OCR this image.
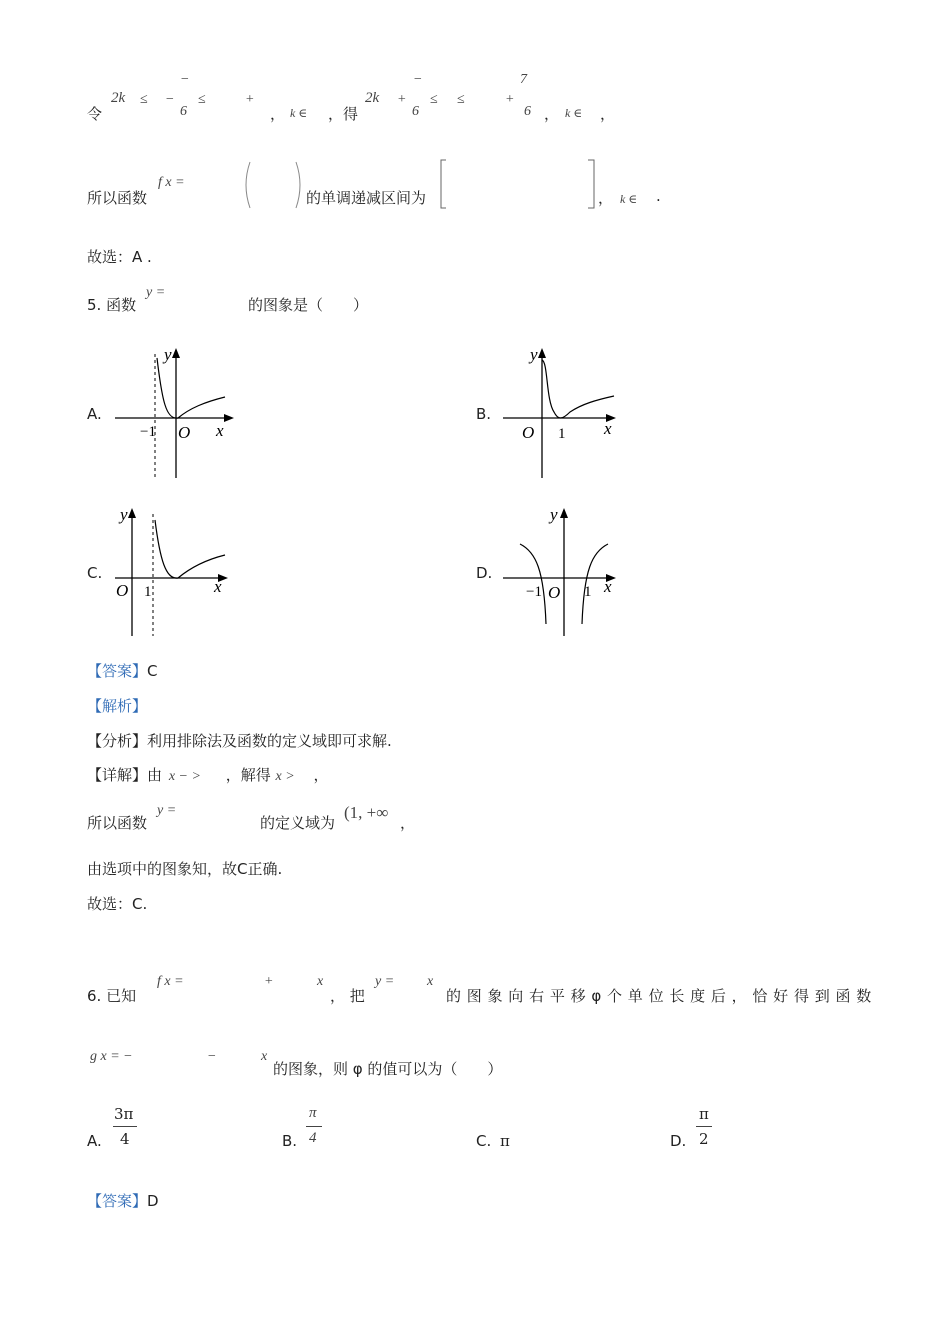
令
2k ≤ −
−
6
≤	+
， k ∈ ，得
2k +
−
6
≤ ≤	+
7
6 ， k ∈ ，
所以函数
f x =
的单调递减区间为	， k ∈ .
故选：A .
5. 函数
y =
的图象是（　　）
A.
−1 O x
y
B.
O 1 x
y
C.
O 1	x
y
D.
−1 O 1 x
y
【答案】C
【解析】
【分析】利用排除法及函数的定义域即可求解.
【详解】由 x − > ，解得 x > ，
所以函数
y =
的定义域为
(1, +∞
，
由选项中的图象知，故C正确.
故选：C.
6. 已知
f x =	+	x
， 把
y = x
的 图 象 向 右 平 移 φ 个 单 位 长 度 后 ， 恰 好 得 到 函 数
g x = −	−	x
的图象，则 φ 的值可以为（　　）
A.
3π
4	B.
π
4	C. π	D.
π
2
【答案】D
